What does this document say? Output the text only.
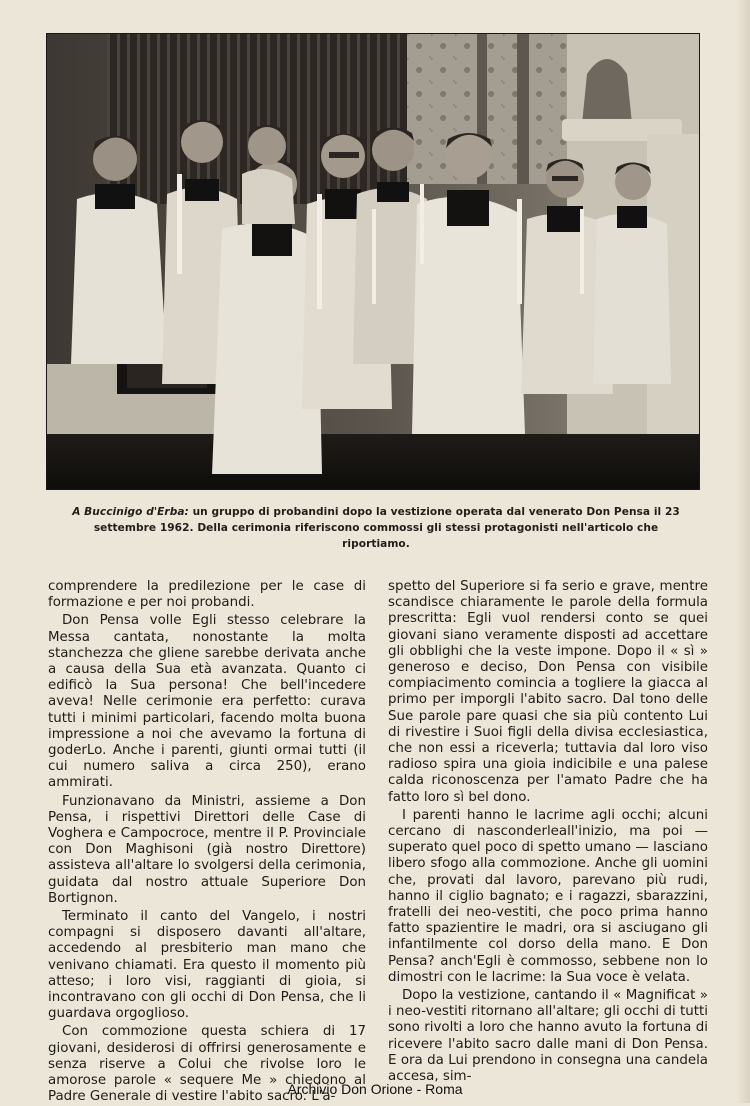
A Buccinigo d'Erba: un gruppo di probandini dopo la vestizione operata dal venerato Don Pensa il 23 settembre 1962. Della cerimonia riferiscono commossi gli stessi protagonisti nell'articolo che riportiamo.

comprendere la predilezione per le case di formazione e per noi probandi.

Don Pensa volle Egli stesso celebrare la Messa cantata, nonostante la molta stanchezza che gliene sarebbe derivata anche a causa della Sua età avanzata. Quanto ci edificò la Sua persona! Che bell'incedere aveva! Nelle cerimonie era perfetto: curava tutti i minimi particolari, facendo molta buona impressione a noi che avevamo la fortuna di goderLo. Anche i parenti, giunti ormai tutti (il cui numero saliva a circa 250), erano ammirati.

Funzionavano da Ministri, assieme a Don Pensa, i rispettivi Direttori delle Case di Voghera e Campocroce, mentre il P. Provinciale con Don Maghisoni (già nostro Direttore) assisteva all'altare lo svolgersi della cerimonia, guidata dal nostro attuale Superiore Don Bortignon.

Terminato il canto del Vangelo, i nostri compagni si disposero davanti all'altare, accedendo al presbiterio man mano che venivano chiamati. Era questo il momento più atteso; i loro visi, raggianti di gioia, si incontravano con gli occhi di Don Pensa, che li guardava orgoglioso.

Con commozione questa schiera di 17 giovani, desiderosi di offrirsi generosamente e senza riserve a Colui che rivolse loro le amorose parole « sequere Me » chiedono al Padre Generale di vestire l'abito sacro. L'a-

spetto del Superiore si fa serio e grave, mentre scandisce chiaramente le parole della formula prescritta: Egli vuol rendersi conto se quei giovani siano veramente disposti ad accettare gli obblighi che la veste impone. Dopo il « sì » generoso e deciso, Don Pensa con visibile compiacimento comincia a togliere la giacca al primo per imporgli l'abito sacro. Dal tono delle Sue parole pare quasi che sia più contento Lui di rivestire i Suoi figli della divisa ecclesiastica, che non essi a riceverla; tuttavia dal loro viso radioso spira una gioia indicibile e una palese calda riconoscenza per l'amato Padre che ha fatto loro sì bel dono.

I parenti hanno le lacrime agli occhi; alcuni cercano di nasconderleall'inizio, ma poi — superato quel poco di spetto umano — lasciano libero sfogo alla commozione. Anche gli uomini che, provati dal lavoro, parevano più rudi, hanno il ciglio bagnato; e i ragazzi, sbarazzini, fratelli dei neo-vestiti, che poco prima hanno fatto spazientire le madri, ora si asciugano gli infantilmente col dorso della mano. E Don Pensa? anch'Egli è commosso, sebbene non lo dimostri con le lacrime: la Sua voce è velata.

Dopo la vestizione, cantando il « Magnificat » i neo-vestiti ritornano all'altare; gli occhi di tutti sono rivolti a loro che hanno avuto la fortuna di ricevere l'abito sacro dalle mani di Don Pensa. E ora da Lui prendono in consegna una candela accesa, sim-

Archivio Don Orione - Roma
